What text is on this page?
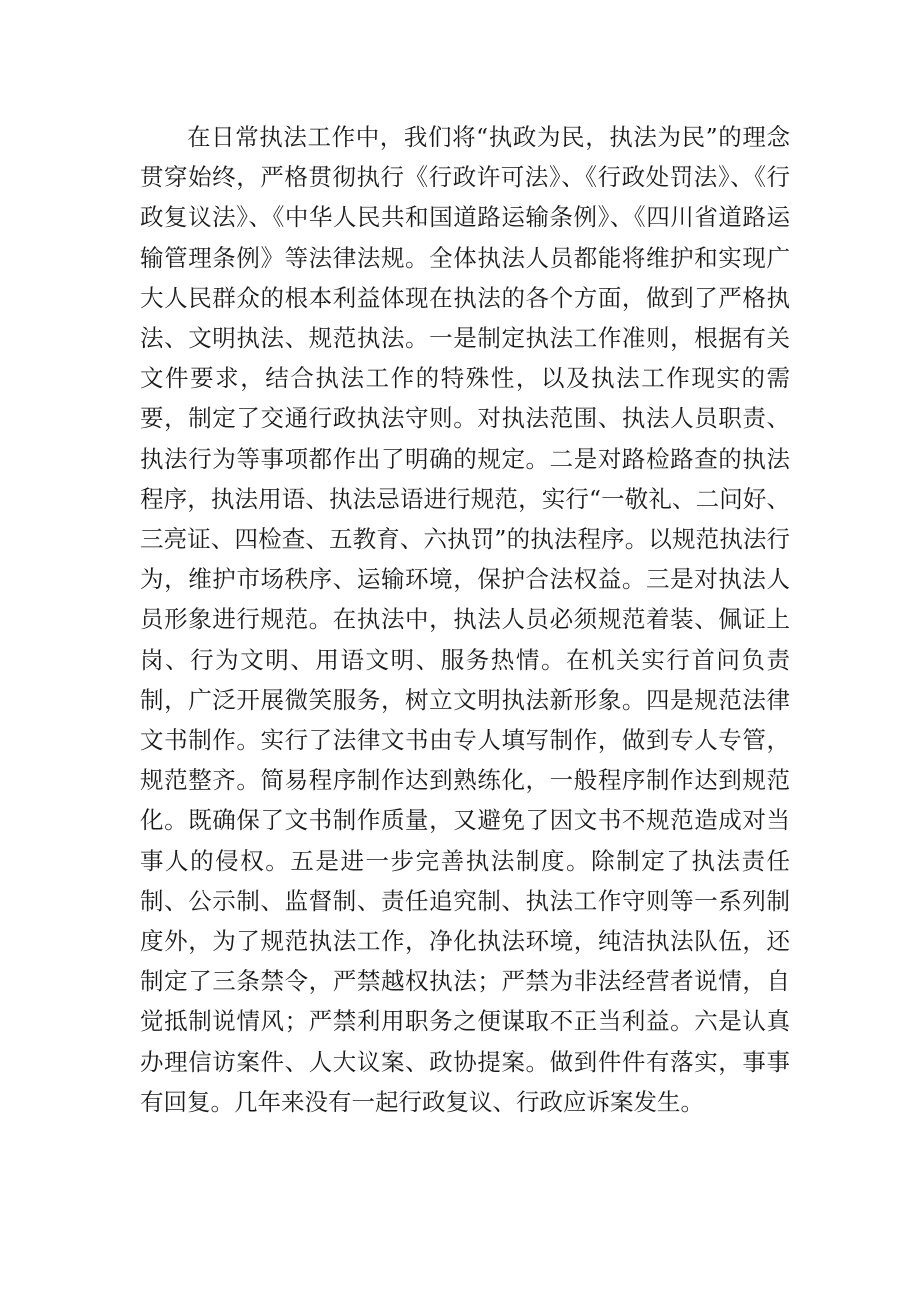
在日常执法工作中，我们将“执政为民，执法为民”的理念贯穿始终，严格贯彻执行《行政许可法》、《行政处罚法》、《行政复议法》、《中华人民共和国道路运输条例》、《四川省道路运输管理条例》等法律法规。全体执法人员都能将维护和实现广大人民群众的根本利益体现在执法的各个方面，做到了严格执法、文明执法、规范执法。一是制定执法工作准则，根据有关文件要求，结合执法工作的特殊性，以及执法工作现实的需要，制定了交通行政执法守则。对执法范围、执法人员职责、执法行为等事项都作出了明确的规定。二是对路检路查的执法程序，执法用语、执法忌语进行规范，实行“一敬礼、二问好、三亮证、四检查、五教育、六执罚”的执法程序。以规范执法行为，维护市场秩序、运输环境，保护合法权益。三是对执法人员形象进行规范。在执法中，执法人员必须规范着装、佩证上岗、行为文明、用语文明、服务热情。在机关实行首问负责制，广泛开展微笑服务，树立文明执法新形象。四是规范法律文书制作。实行了法律文书由专人填写制作，做到专人专管，规范整齐。简易程序制作达到熟练化，一般程序制作达到规范化。既确保了文书制作质量，又避免了因文书不规范造成对当事人的侵权。五是进一步完善执法制度。除制定了执法责任制、公示制、监督制、责任追究制、执法工作守则等一系列制度外，为了规范执法工作，净化执法环境，纯洁执法队伍，还制定了三条禁令，严禁越权执法；严禁为非法经营者说情，自觉抵制说情风；严禁利用职务之便谋取不正当利益。六是认真办理信访案件、人大议案、政协提案。做到件件有落实，事事有回复。几年来没有一起行政复议、行政应诉案发生。
